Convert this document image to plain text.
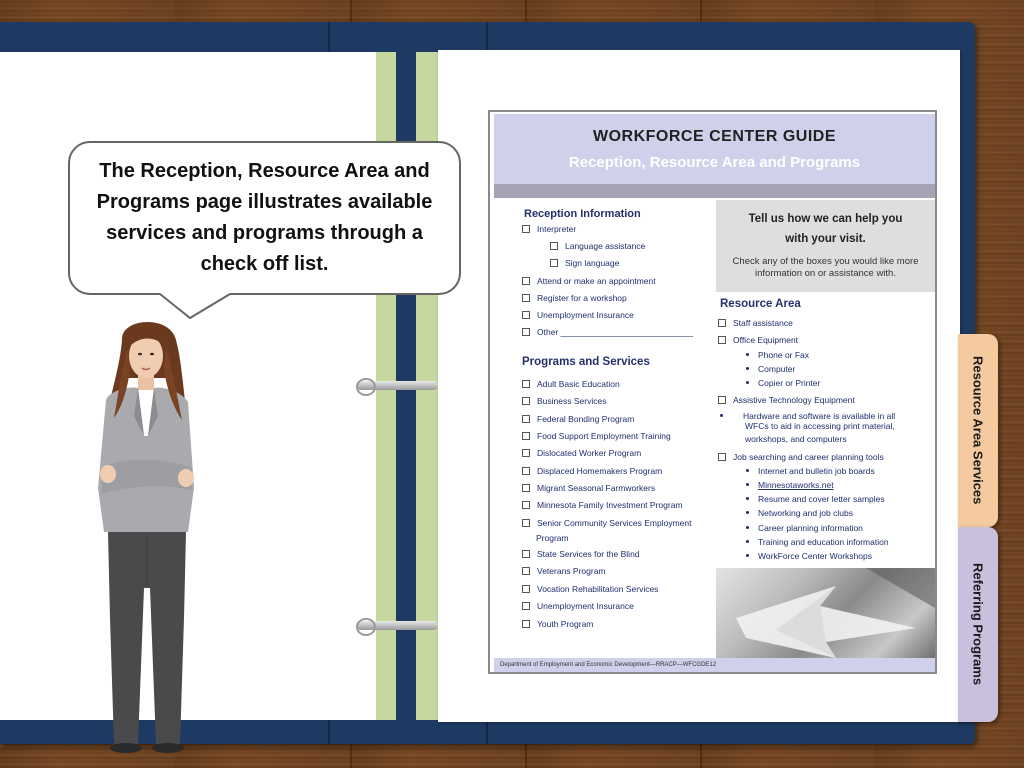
Resource Area Services
Referring Programs

The Reception, Resource Area and Programs page illustrates available services and programs through a check off list.

WORKFORCE CENTER GUIDE
Reception, Resource Area and Programs
Reception Information
Interpreter
Language assistance
Sign language
Attend or make an appointment
Register for a workshop
Unemployment Insurance
Other ____________________________
Programs and Services
Adult Basic Education
Business Services
Federal Bonding Program
Food Support Employment Training
Dislocated Worker Program
Displaced Homemakers Program
Migrant Seasonal Farmworkers
Minnesota Family Investment Program
Senior Community Services Employment
Program
State Services for the Blind
Veterans Program
Vocation Rehabilitation Services
Unemployment Insurance
Youth Program
Tell us how we can help you
with your visit.
Check any of the boxes you would like more
information on or assistance with.
Resource Area
Staff assistance
Office Equipment
Phone or Fax
Computer
Copier or Printer
Assistive Technology Equipment
Hardware and software is available in all
WFCs to aid in accessing print material,
workshops, and computers
Job searching and career planning tools
Internet and bulletin job boards
Minnesotaworks.net
Resume and cover letter samples
Networking and job clubs
Career planning information
Training and education information
WorkForce Center Workshops
Department of Employment and Economic Development—RRACP—WFCGDE12
